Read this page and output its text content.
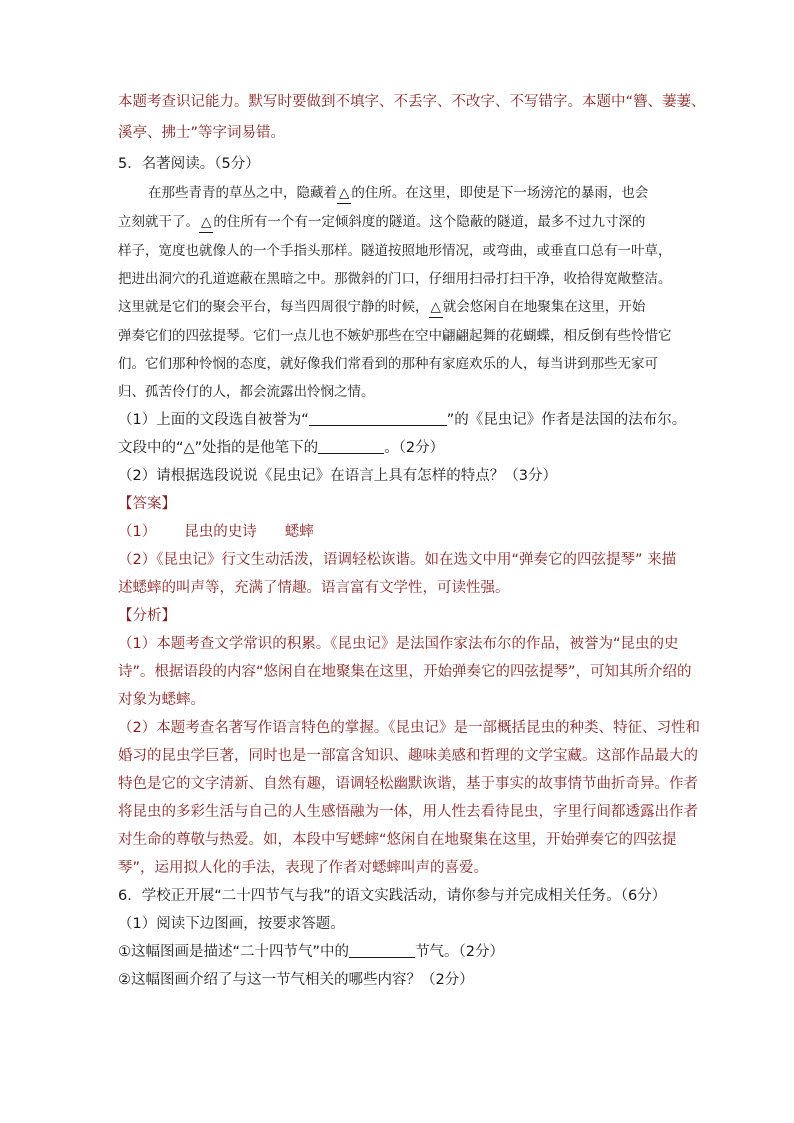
本题考查识记能力。默写时要做到不填字、不丢字、不改字、不写错字。本题中“簪、萋萋、

溪亭、拂士”等字词易错。

5．名著阅读。（5分）

在那些青青的草丛之中，隐藏着 △ 的住所。在这里，即使是下一场滂沱的暴雨，也会

立刻就干了。 △ 的住所有一个有一定倾斜度的隧道。这个隐蔽的隧道，最多不过九寸深的

样子，宽度也就像人的一个手指头那样。隧道按照地形情况，或弯曲，或垂直口总有一叶草，

把进出洞穴的孔道遮蔽在黑暗之中。那微斜的门口，仔细用扫帚打扫干净，收拾得宽敞整洁。

这里就是它们的聚会平台，每当四周很宁静的时候， △ 就会悠闲自在地聚集在这里，开始

弹奏它们的四弦提琴。它们一点儿也不嫉妒那些在空中翩翩起舞的花蝴蝶，相反倒有些怜惜它

们。它们那种怜悯的态度，就好像我们常看到的那种有家庭欢乐的人，每当讲到那些无家可

归、孤苦伶仃的人，都会流露出怜悯之情。

（1）上面的文段选自被誉为“	”的《昆虫记》作者是法国的法布尔。

文段中的“△”处指的是他笔下的	。（2分）

（2）请根据选段说说《昆虫记》在语言上具有怎样的特点？（3分）

【答案】

（1） 昆虫的史诗 蟋蟀

（2）《昆虫记》行文生动活泼，语调轻松诙谐。如在选文中用“弹奏它的四弦提琴” 来描

述蟋蟀的叫声等，充满了情趣。语言富有文学性，可读性强。

【分析】

（1）本题考查文学常识的积累。《昆虫记》是法国作家法布尔的作品，被誉为“昆虫的史

诗”。根据语段的内容“悠闲自在地聚集在这里，开始弹奏它的四弦提琴”，可知其所介绍的

对象为蟋蟀。

（2）本题考查名著写作语言特色的掌握。《昆虫记》是一部概括昆虫的种类、特征、习性和

婚习的昆虫学巨著，同时也是一部富含知识、趣味美感和哲理的文学宝藏。这部作品最大的

特色是它的文字清新、自然有趣，语调轻松幽默诙谐，基于事实的故事情节曲折奇异。作者

将昆虫的多彩生活与自己的人生感悟融为一体，用人性去看待昆虫，字里行间都透露出作者

对生命的尊敬与热爱。如，本段中写蟋蟀“悠闲自在地聚集在这里，开始弹奏它的四弦提

琴”，运用拟人化的手法，表现了作者对蟋蟀叫声的喜爱。

6．学校正开展“二十四节气与我”的语文实践活动，请你参与并完成相关任务。（6分）

（1）阅读下边图画，按要求答题。

①这幅图画是描述“二十四节气”中的	节气。（2分）

②这幅图画介绍了与这一节气相关的哪些内容？（2分）
